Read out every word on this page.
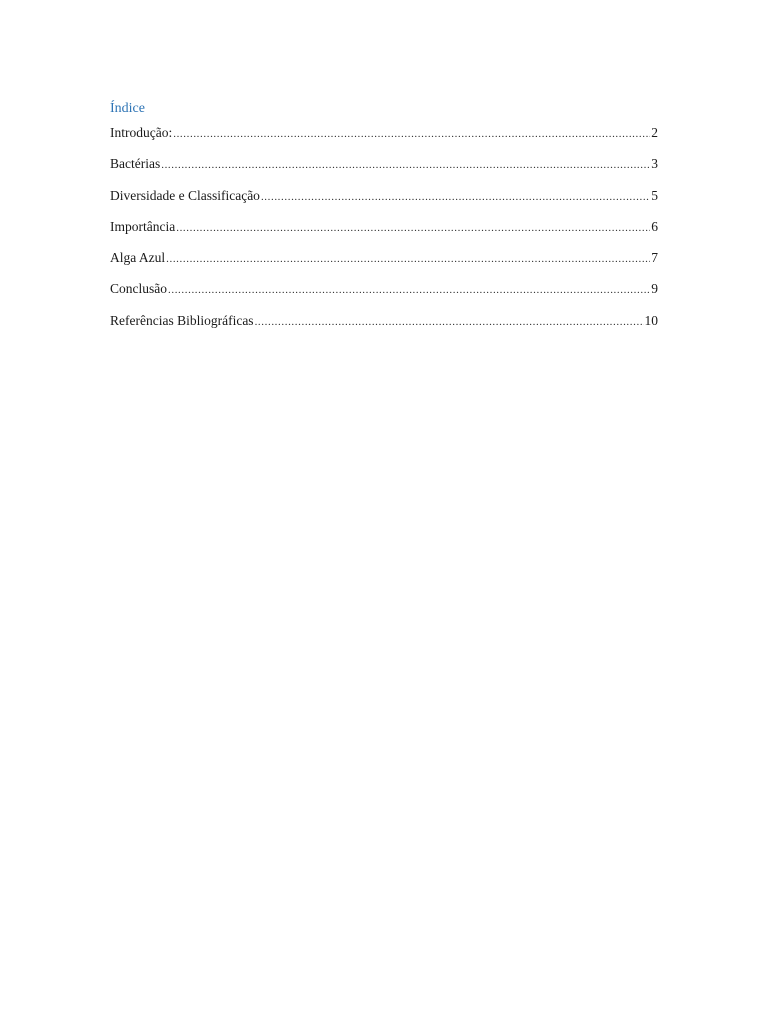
Índice
Introdução: .....	2
Bactérias .....	3
Diversidade e Classificação .....	5
Importância .....	6
Alga Azul .....	7
Conclusão .....	9
Referências Bibliográficas .....	10
